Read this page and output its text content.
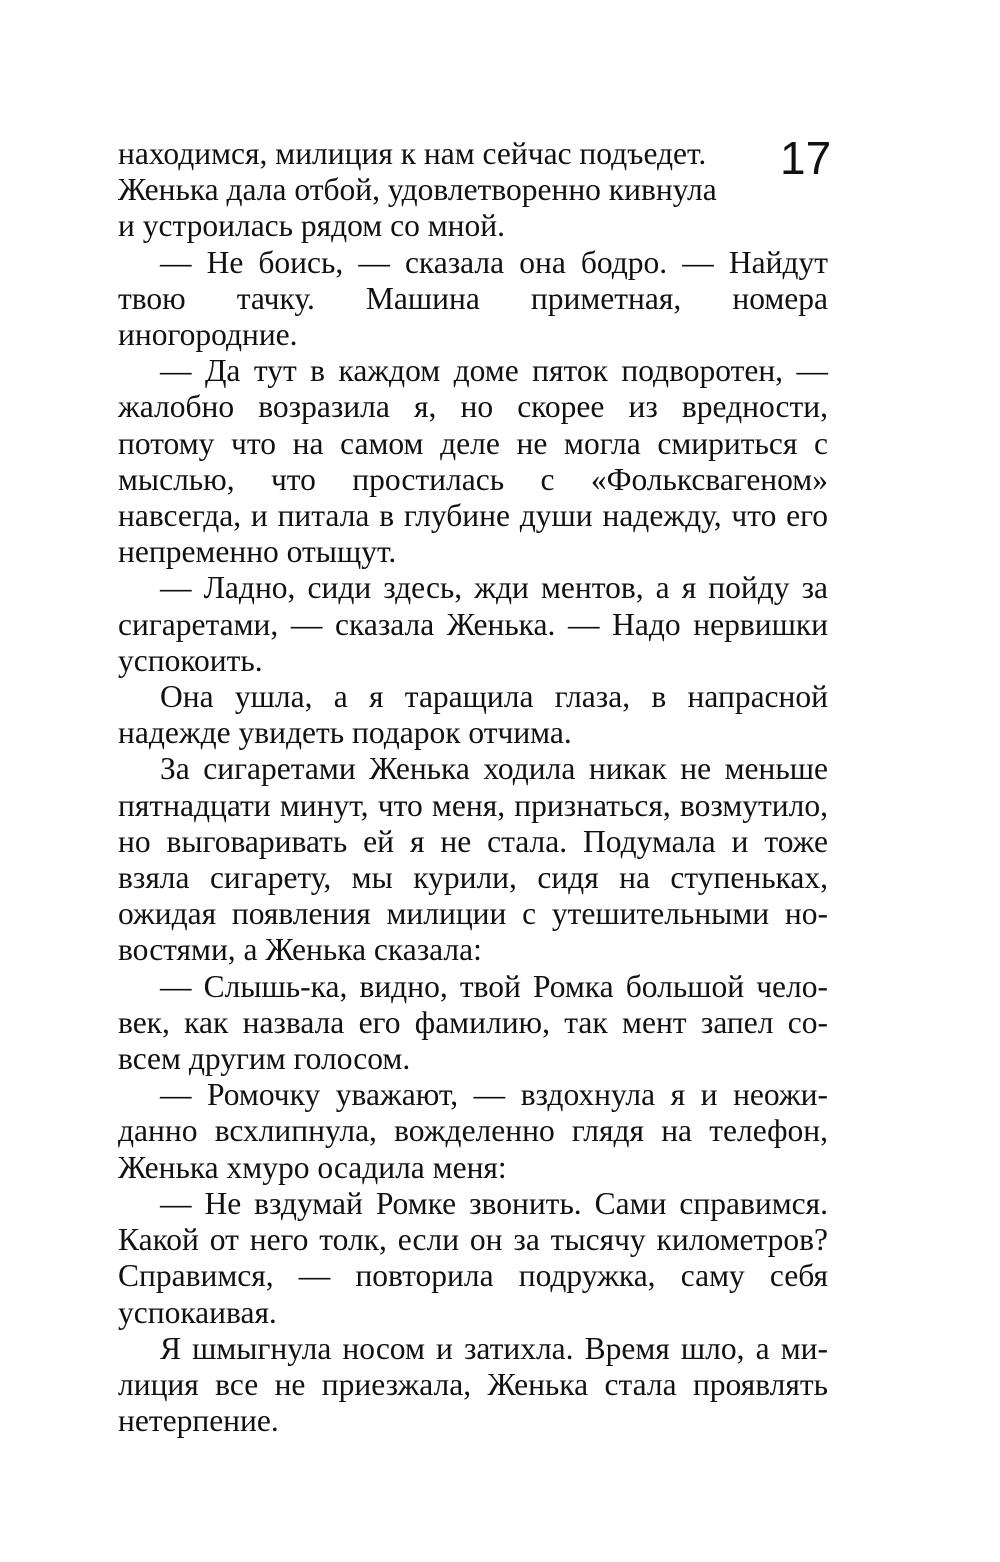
17
находимся, милиция к нам сейчас подъедет.
Женька дала отбой, удовлетворенно кивнула
и устроилась рядом со мной.

— Не боись, — сказала она бодро. — Найдут твою тачку. Машина приметная, номера иногородние.

— Да тут в каждом доме пяток подворотен, — жалобно возразила я, но скорее из вредности, потому что на самом деле не могла смириться с мыслью, что простилась с «Фольксвагеном» навсегда, и питала в глубине души надежду, что его непременно отыщут.

— Ладно, сиди здесь, жди ментов, а я пойду за сигаретами, — сказала Женька. — Надо нервишки успокоить.

Она ушла, а я таращила глаза, в напрасной надежде увидеть подарок отчима.

За сигаретами Женька ходила никак не меньше пятнадцати минут, что меня, признаться, возмутило, но выговаривать ей я не стала. Подумала и тоже взяла сигарету, мы курили, сидя на ступеньках, ожидая появления милиции с утешительными новостями, а Женька сказала:

— Слышь-ка, видно, твой Ромка большой человек, как назвала его фамилию, так мент запел совсем другим голосом.

— Ромочку уважают, — вздохнула я и неожиданно всхлипнула, вожделенно глядя на телефон, Женька хмуро осадила меня:

— Не вздумай Ромке звонить. Сами справимся. Какой от него толк, если он за тысячу километров? Справимся, — повторила подружка, саму себя успокаивая.

Я шмыгнула носом и затихла. Время шло, а милиция все не приезжала, Женька стала проявлять нетерпение.
